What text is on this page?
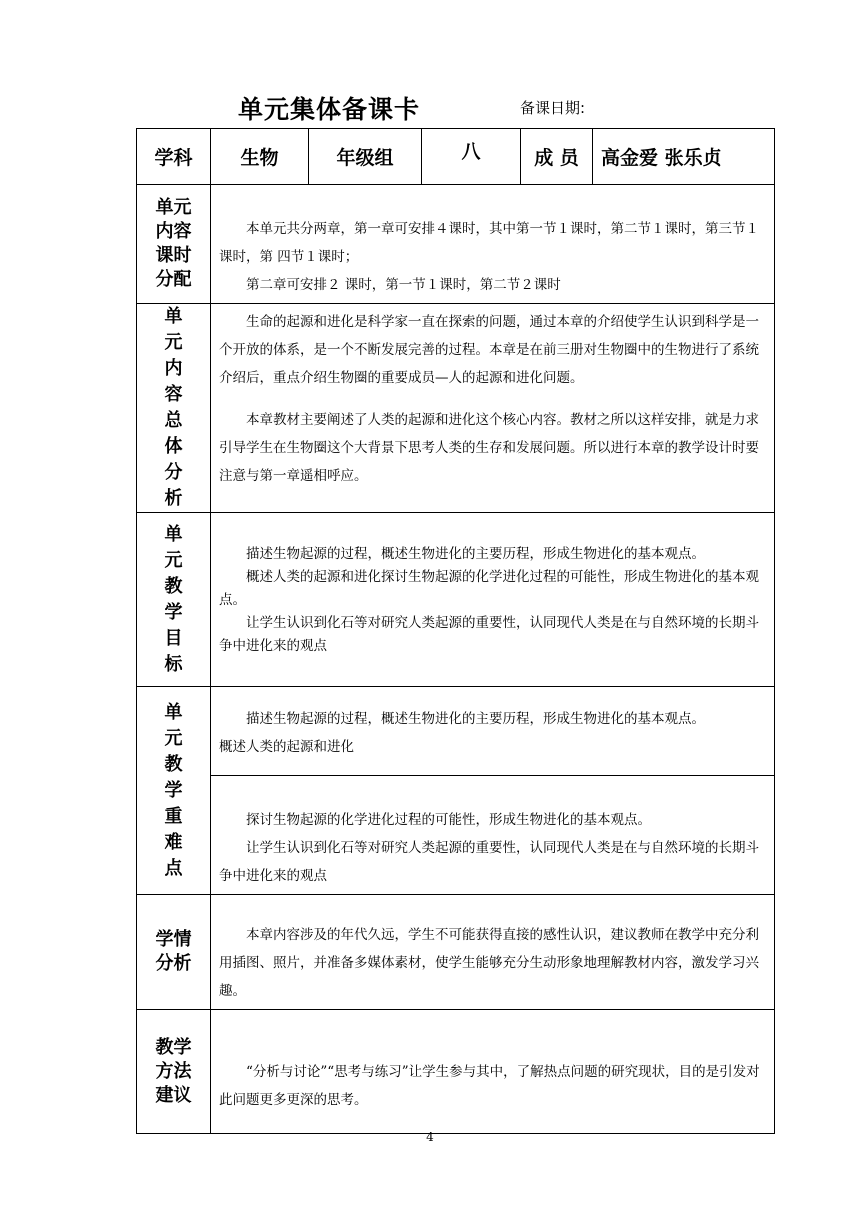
单元集体备课卡	备课日期:
学科	生物	年级组	八	成 员	高金爱 张乐贞
单元内容课时分配	本单元共分两章，第一章可安排４课时，其中第一节１课时，第二节１课时，第三节１课时，第 四节１课时；

第二章可安排２ 课时，第一节１课时，第二节２课时				

单元内容总体分析	生命的起源和进化是科学家一直在探索的问题，通过本章的介绍使学生认识到科学是一个开放的体系，是一个不断发展完善的过程。本章是在前三册对生物圈中的生物进行了系统介绍后，重点介绍生物圈的重要成员—人的起源和进化问题。

本章教材主要阐述了人类的起源和进化这个核心内容。教材之所以这样安排，就是力求引导学生在生物圈这个大背景下思考人类的生存和发展问题。所以进行本章的教学设计时要注意与第一章遥相呼应。				

单元教学目标	描述生物起源的过程，概述生物进化的主要历程，形成生物进化的基本观点。

概述人类的起源和进化探讨生物起源的化学进化过程的可能性，形成生物进化的基本观点。

让学生认识到化石等对研究人类起源的重要性，认同现代人类是在与自然环境的长期斗争中进化来的观点				

单元教学重难点	描述生物起源的过程，概述生物进化的主要历程，形成生物进化的基本观点。

概述人类的起源和进化				

	探讨生物起源的化学进化过程的可能性，形成生物进化的基本观点。

让学生认识到化石等对研究人类起源的重要性，认同现代人类是在与自然环境的长期斗争中进化来的观点				

学情分析	本章内容涉及的年代久远，学生不可能获得直接的感性认识，建议教师在教学中充分利用插图、照片，并准备多媒体素材，使学生能够充分生动形象地理解教材内容，激发学习兴趣。				

教学方法建议	“分析与讨论”“思考与练习”让学生参与其中，了解热点问题的研究现状，目的是引发对此问题更多更深的思考。				

4
